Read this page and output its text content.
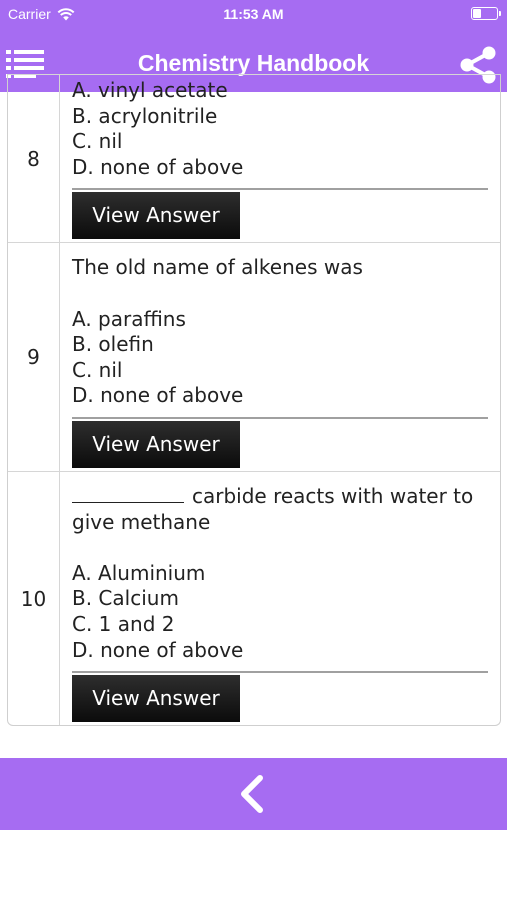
Carrier	11:53 AM
Chemistry Handbook
8
A. vinyl acetate
B. acrylonitrile
C. nil
D. none of above
View Answer
9
The old name of alkenes was
A. paraffins
B. olefin
C. nil
D. none of above
View Answer
10
carbide reacts with water to give methane
A. Aluminium
B. Calcium
C. 1 and 2
D. none of above
View Answer
